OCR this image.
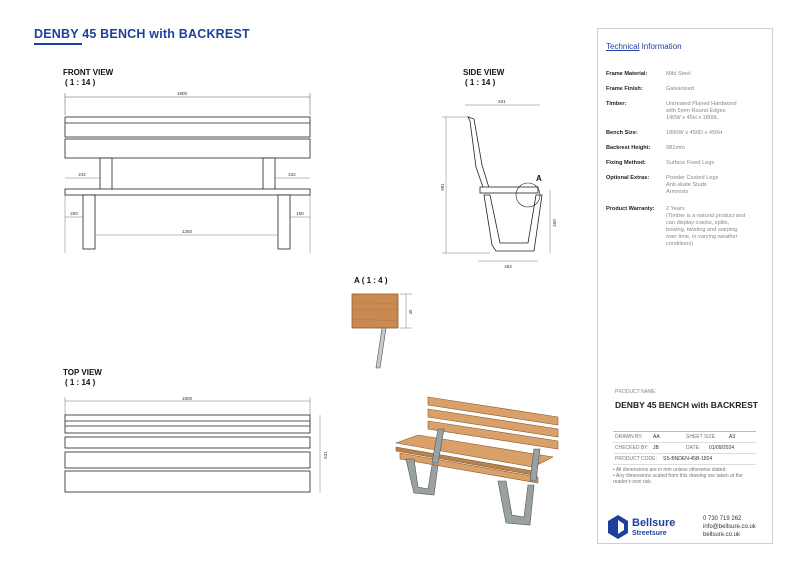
DENBY 45 BENCH with BACKREST
FRONT VIEW
( 1 : 14 )
SIDE VIEW
( 1 : 14 )
A ( 1 : 4 )
TOP VIEW
( 1 : 14 )
1800
242	242
250	150
1250
531
981
450
453
A
45
1800
531
Technical Information
Frame Material:	Mild Steel
Frame Finish:	Galvanised
Timber:	Untreated Planed Hardwood
with 5mm Round Edges
140W x 45H x 1800L
Bench Size:	1800W x 450D x 450H
Backrest Height:	981mm
Fixing Method:	Surface Fixed Legs
Optional Extras:	Powder Coated Legs
Anti-skate Studs
Armrests
Product Warranty: 2 Years
(Timber is a natural product and
can display cracks, splits,
bowing, twisting and warping
over time, in varying weather
conditions)
PRODUCT NAME
DENBY 45 BENCH with BACKREST
DRAWN BY: AA	SHEET SIZE	A3
CHECKED BY: JB	DATE: 01/09/2024
PRODUCT CODE: SS-BNDEN-45B-1824
• All dimensions are in mm unless otherwise stated.
• Any dimensions scaled from this drawing are taken at the reader's own risk.
Bellsure
Streetsure
0 730 719 262
info@bellsure.co.uk
bellsure.co.uk
